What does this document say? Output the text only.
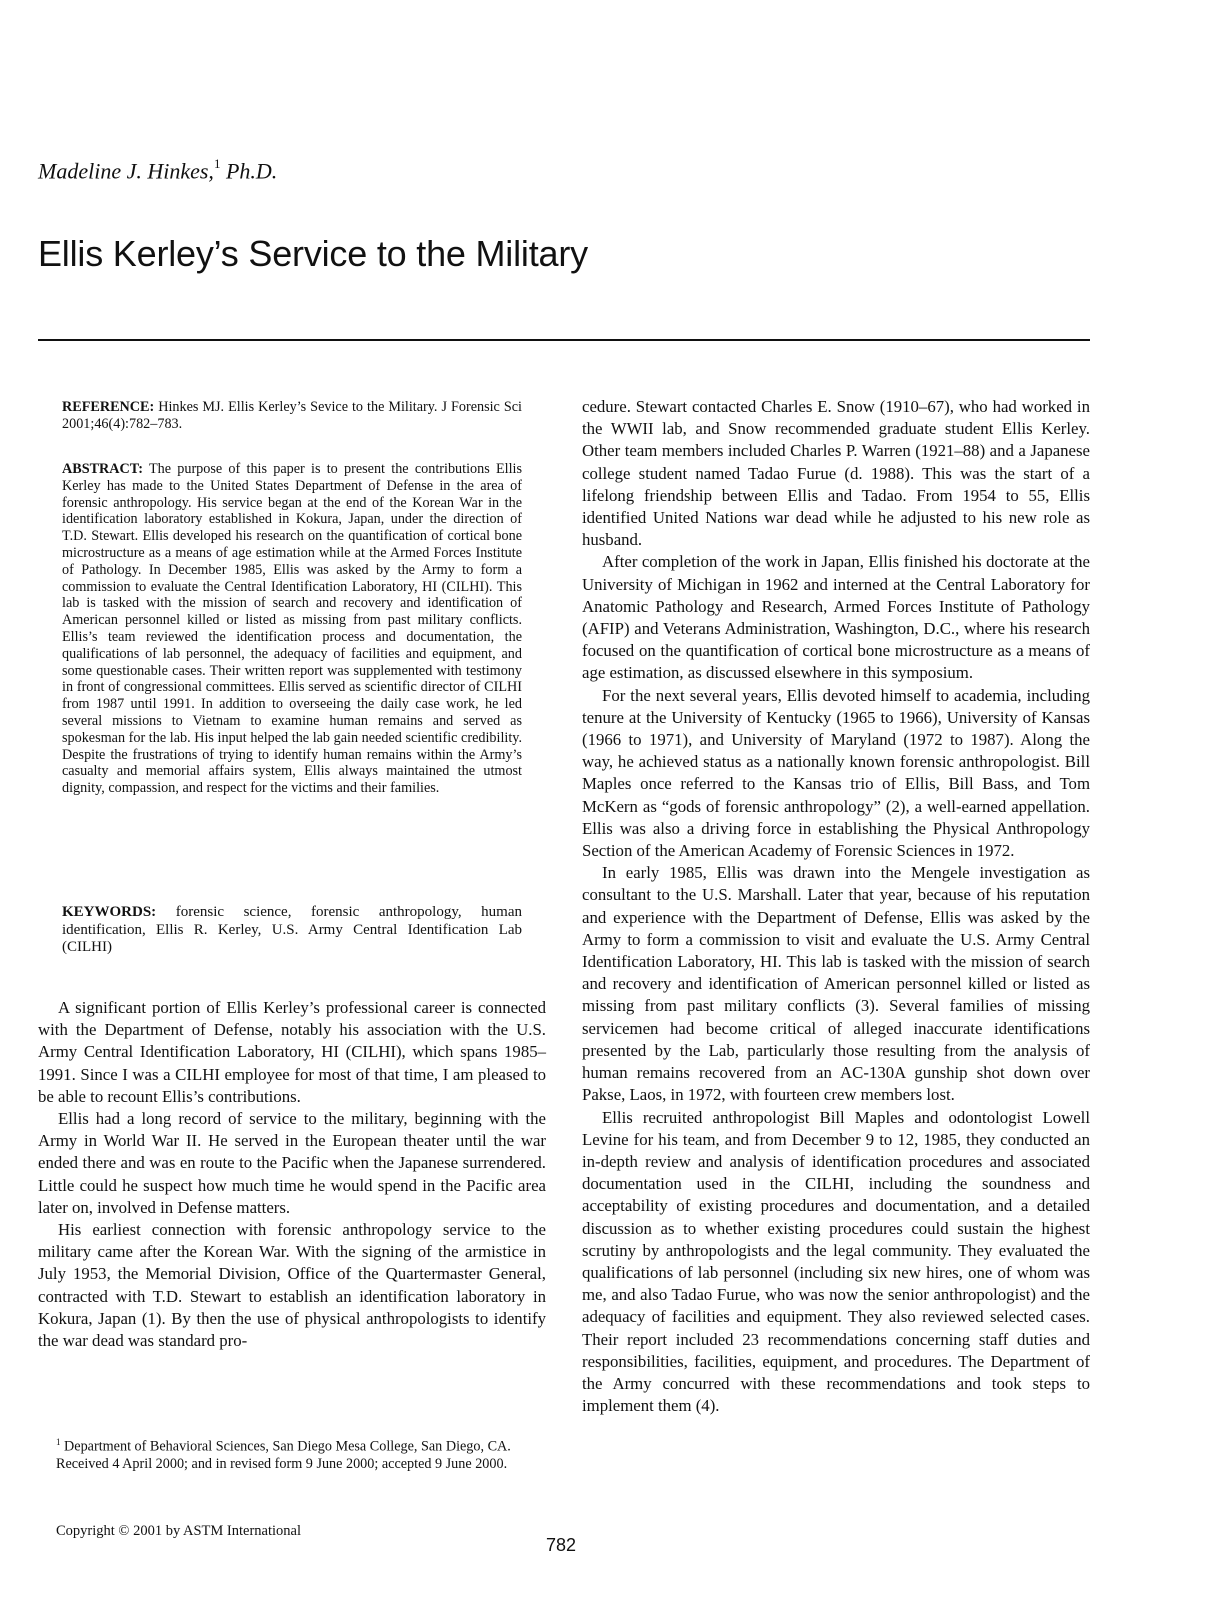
Madeline J. Hinkes,$^1$ Ph.D.
Ellis Kerley’s Service to the Military
REFERENCE: Hinkes MJ. Ellis Kerley’s Sevice to the Military. J Forensic Sci 2001;46(4):782–783.
ABSTRACT: The purpose of this paper is to present the contributions Ellis Kerley has made to the United States Department of Defense in the area of forensic anthropology. His service began at the end of the Korean War in the identification laboratory established in Kokura, Japan, under the direction of T.D. Stewart. Ellis developed his research on the quantification of cortical bone microstructure as a means of age estimation while at the Armed Forces Institute of Pathology. In December 1985, Ellis was asked by the Army to form a commission to evaluate the Central Identification Laboratory, HI (CILHI). This lab is tasked with the mission of search and recovery and identification of American personnel killed or listed as missing from past military conflicts. Ellis’s team reviewed the identification process and documentation, the qualifications of lab personnel, the adequacy of facilities and equipment, and some questionable cases. Their written report was supplemented with testimony in front of congressional committees. Ellis served as scientific director of CILHI from 1987 until 1991. In addition to overseeing the daily case work, he led several missions to Vietnam to examine human remains and served as spokesman for the lab. His input helped the lab gain needed scientific credibility. Despite the frustrations of trying to identify human remains within the Army’s casualty and memorial affairs system, Ellis always maintained the utmost dignity, compassion, and respect for the victims and their families.
KEYWORDS: forensic science, forensic anthropology, human identification, Ellis R. Kerley, U.S. Army Central Identification Lab (CILHI)

A significant portion of Ellis Kerley’s professional career is connected with the Department of Defense, notably his association with the U.S. Army Central Identification Laboratory, HI (CILHI), which spans 1985–1991. Since I was a CILHI employee for most of that time, I am pleased to be able to recount Ellis’s contributions.

Ellis had a long record of service to the military, beginning with the Army in World War II. He served in the European theater until the war ended there and was en route to the Pacific when the Japanese surrendered. Little could he suspect how much time he would spend in the Pacific area later on, involved in Defense matters.

His earliest connection with forensic anthropology service to the military came after the Korean War. With the signing of the armistice in July 1953, the Memorial Division, Office of the Quartermaster General, contracted with T.D. Stewart to establish an identification laboratory in Kokura, Japan (1). By then the use of physical anthropologists to identify the war dead was standard pro-

cedure. Stewart contacted Charles E. Snow (1910–67), who had worked in the WWII lab, and Snow recommended graduate student Ellis Kerley. Other team members included Charles P. Warren (1921–88) and a Japanese college student named Tadao Furue (d. 1988). This was the start of a lifelong friendship between Ellis and Tadao. From 1954 to 55, Ellis identified United Nations war dead while he adjusted to his new role as husband.

After completion of the work in Japan, Ellis finished his doctorate at the University of Michigan in 1962 and interned at the Central Laboratory for Anatomic Pathology and Research, Armed Forces Institute of Pathology (AFIP) and Veterans Administration, Washington, D.C., where his research focused on the quantification of cortical bone microstructure as a means of age estimation, as discussed elsewhere in this symposium.

For the next several years, Ellis devoted himself to academia, including tenure at the University of Kentucky (1965 to 1966), University of Kansas (1966 to 1971), and University of Maryland (1972 to 1987). Along the way, he achieved status as a nationally known forensic anthropologist. Bill Maples once referred to the Kansas trio of Ellis, Bill Bass, and Tom McKern as “gods of forensic anthropology” (2), a well-earned appellation. Ellis was also a driving force in establishing the Physical Anthropology Section of the American Academy of Forensic Sciences in 1972.

In early 1985, Ellis was drawn into the Mengele investigation as consultant to the U.S. Marshall. Later that year, because of his reputation and experience with the Department of Defense, Ellis was asked by the Army to form a commission to visit and evaluate the U.S. Army Central Identification Laboratory, HI. This lab is tasked with the mission of search and recovery and identification of American personnel killed or listed as missing from past military conflicts (3). Several families of missing servicemen had become critical of alleged inaccurate identifications presented by the Lab, particularly those resulting from the analysis of human remains recovered from an AC-130A gunship shot down over Pakse, Laos, in 1972, with fourteen crew members lost.

Ellis recruited anthropologist Bill Maples and odontologist Lowell Levine for his team, and from December 9 to 12, 1985, they conducted an in-depth review and analysis of identification procedures and associated documentation used in the CILHI, including the soundness and acceptability of existing procedures and documentation, and a detailed discussion as to whether existing procedures could sustain the highest scrutiny by anthropologists and the legal community. They evaluated the qualifications of lab personnel (including six new hires, one of whom was me, and also Tadao Furue, who was now the senior anthropologist) and the adequacy of facilities and equipment. They also reviewed selected cases. Their report included 23 recommendations concerning staff duties and responsibilities, facilities, equipment, and procedures. The Department of the Army concurred with these recommendations and took steps to implement them (4).

$^1$ Department of Behavioral Sciences, San Diego Mesa College, San Diego, CA.

Received 4 April 2000; and in revised form 9 June 2000; accepted 9 June 2000.

Copyright © 2001 by ASTM International
782
